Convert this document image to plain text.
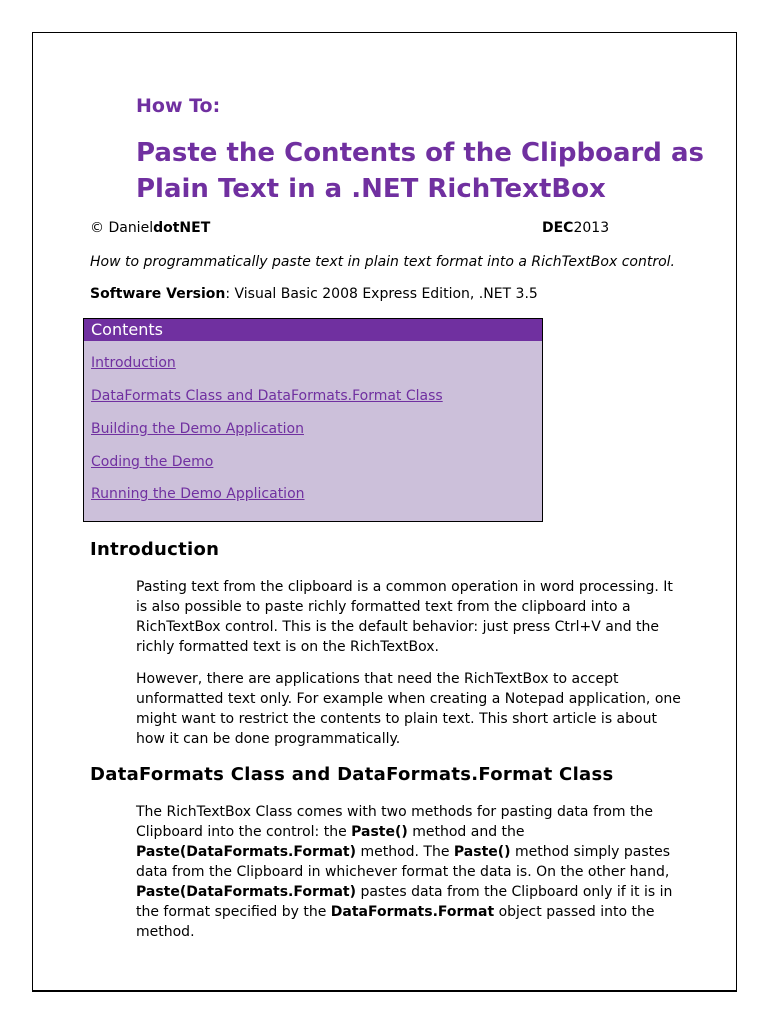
How To:

Paste the Contents of the Clipboard as Plain Text in a .NET RichTextBox
© DanieldotNET	DEC2013

How to programmatically paste text in plain text format into a RichTextBox control.

Software Version: Visual Basic 2008 Express Edition, .NET 3.5

Contents
Introduction
DataFormats Class and DataFormats.Format Class
Building the Demo Application
Coding the Demo
Running the Demo Application
Introduction

Pasting text from the clipboard is a common operation in word processing. It is also possible to paste richly formatted text from the clipboard into a RichTextBox control. This is the default behavior: just press Ctrl+V and the richly formatted text is on the RichTextBox.

However, there are applications that need the RichTextBox to accept unformatted text only. For example when creating a Notepad application, one might want to restrict the contents to plain text. This short article is about how it can be done programmatically.

DataFormats Class and DataFormats.Format Class

The RichTextBox Class comes with two methods for pasting data from the Clipboard into the control: the Paste() method and the Paste(DataFormats.Format) method. The Paste() method simply pastes data from the Clipboard in whichever format the data is. On the other hand, Paste(DataFormats.Format) pastes data from the Clipboard only if it is in the format specified by the DataFormats.Format object passed into the method.
